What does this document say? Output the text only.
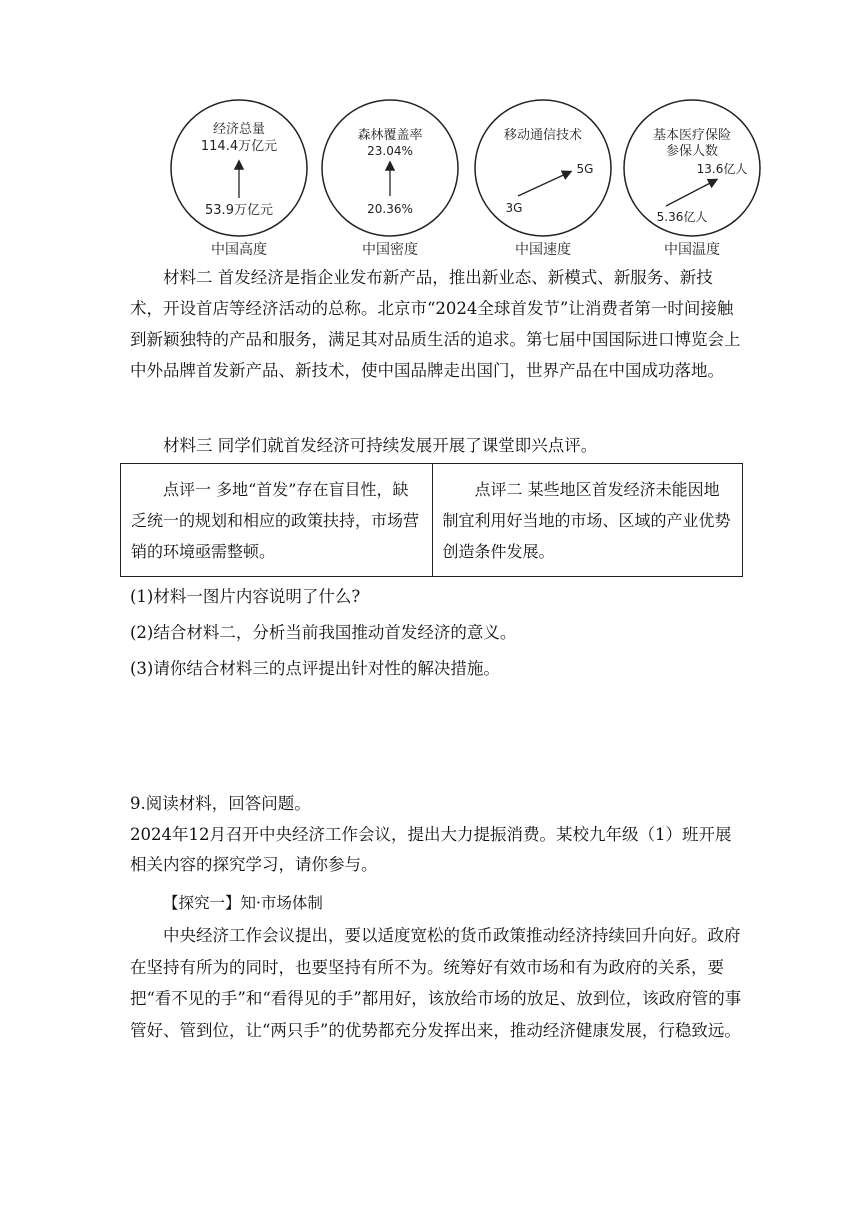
经济总量
114.4万亿元
53.9万亿元
中国高度
森林覆盖率
23.04%
20.36%
中国密度
移动通信技术
5G
3G
中国速度
基本医疗保险
参保人数
13.6亿人
5.36亿人
中国温度

材料二 首发经济是指企业发布新产品，推出新业态、新模式、新服务、新技术，开设首店等经济活动的总称。北京市“2024全球首发节”让消费者第一时间接触到新颖独特的产品和服务，满足其对品质生活的追求。第七届中国国际进口博览会上中外品牌首发新产品、新技术，使中国品牌走出国门，世界产品在中国成功落地。

材料三 同学们就首发经济可持续发展开展了课堂即兴点评。

点评一 多地“首发”存在盲目性，缺乏统一的规划和相应的政策扶持，市场营销的环境亟需整顿。
点评二 某些地区首发经济未能因地制宜利用好当地的市场、区域的产业优势创造条件发展。

(1)材料一图片内容说明了什么?

(2)结合材料二，分析当前我国推动首发经济的意义。

(3)请你结合材料三的点评提出针对性的解决措施。

9.阅读材料，回答问题。

2024年12月召开中央经济工作会议，提出大力提振消费。某校九年级（1）班开展相关内容的探究学习，请你参与。

【探究一】知·市场体制

中央经济工作会议提出，要以适度宽松的货币政策推动经济持续回升向好。政府在坚持有所为的同时，也要坚持有所不为。统筹好有效市场和有为政府的关系，要把“看不见的手”和“看得见的手”都用好，该放给市场的放足、放到位，该政府管的事管好、管到位，让“两只手”的优势都充分发挥出来，推动经济健康发展，行稳致远。
